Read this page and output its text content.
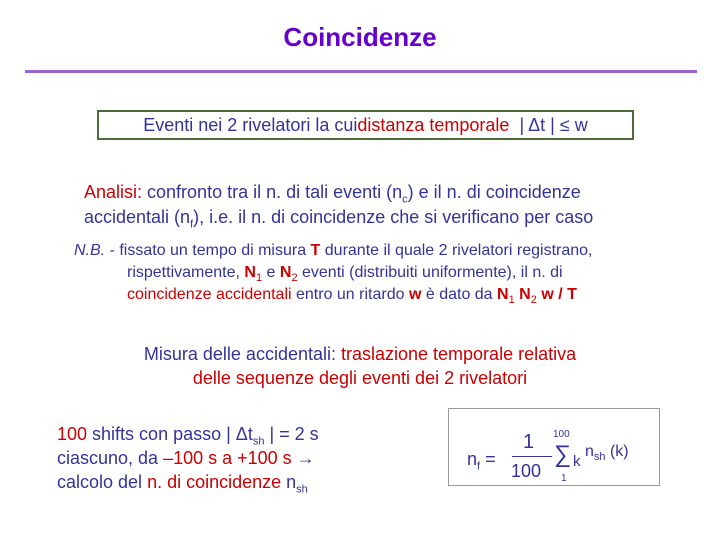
Coincidenze
Eventi nei 2 rivelatori la cui distanza temporale | Δt | ≤ w
Analisi: confronto tra il n. di tali eventi $(n_c)$ e il n. di coincidenze
accidentali $(n_f)$, i.e. il n. di coincidenze che si verificano per caso
N.B. - fissato un tempo di misura T durante il quale 2 rivelatori registrano,
rispettivamente, $N_1$ e $N_2$ eventi (distribuiti uniformente), il n. di
coincidenze accidentali entro un ritardo w è dato da $N_1$ $N_2$ w / T
Misura delle accidentali: traslazione temporale relativa
delle sequenze degli eventi dei 2 rivelatori
100 shifts con passo | $\Delta t_{sh}$ | = 2 s
ciascuno, da –100 s a +100 s →
calcolo del n. di coincidenze $n_{sh}$
$n_f$ =
1
100
100
∑
1
k
$n_{sh}$ (k)
